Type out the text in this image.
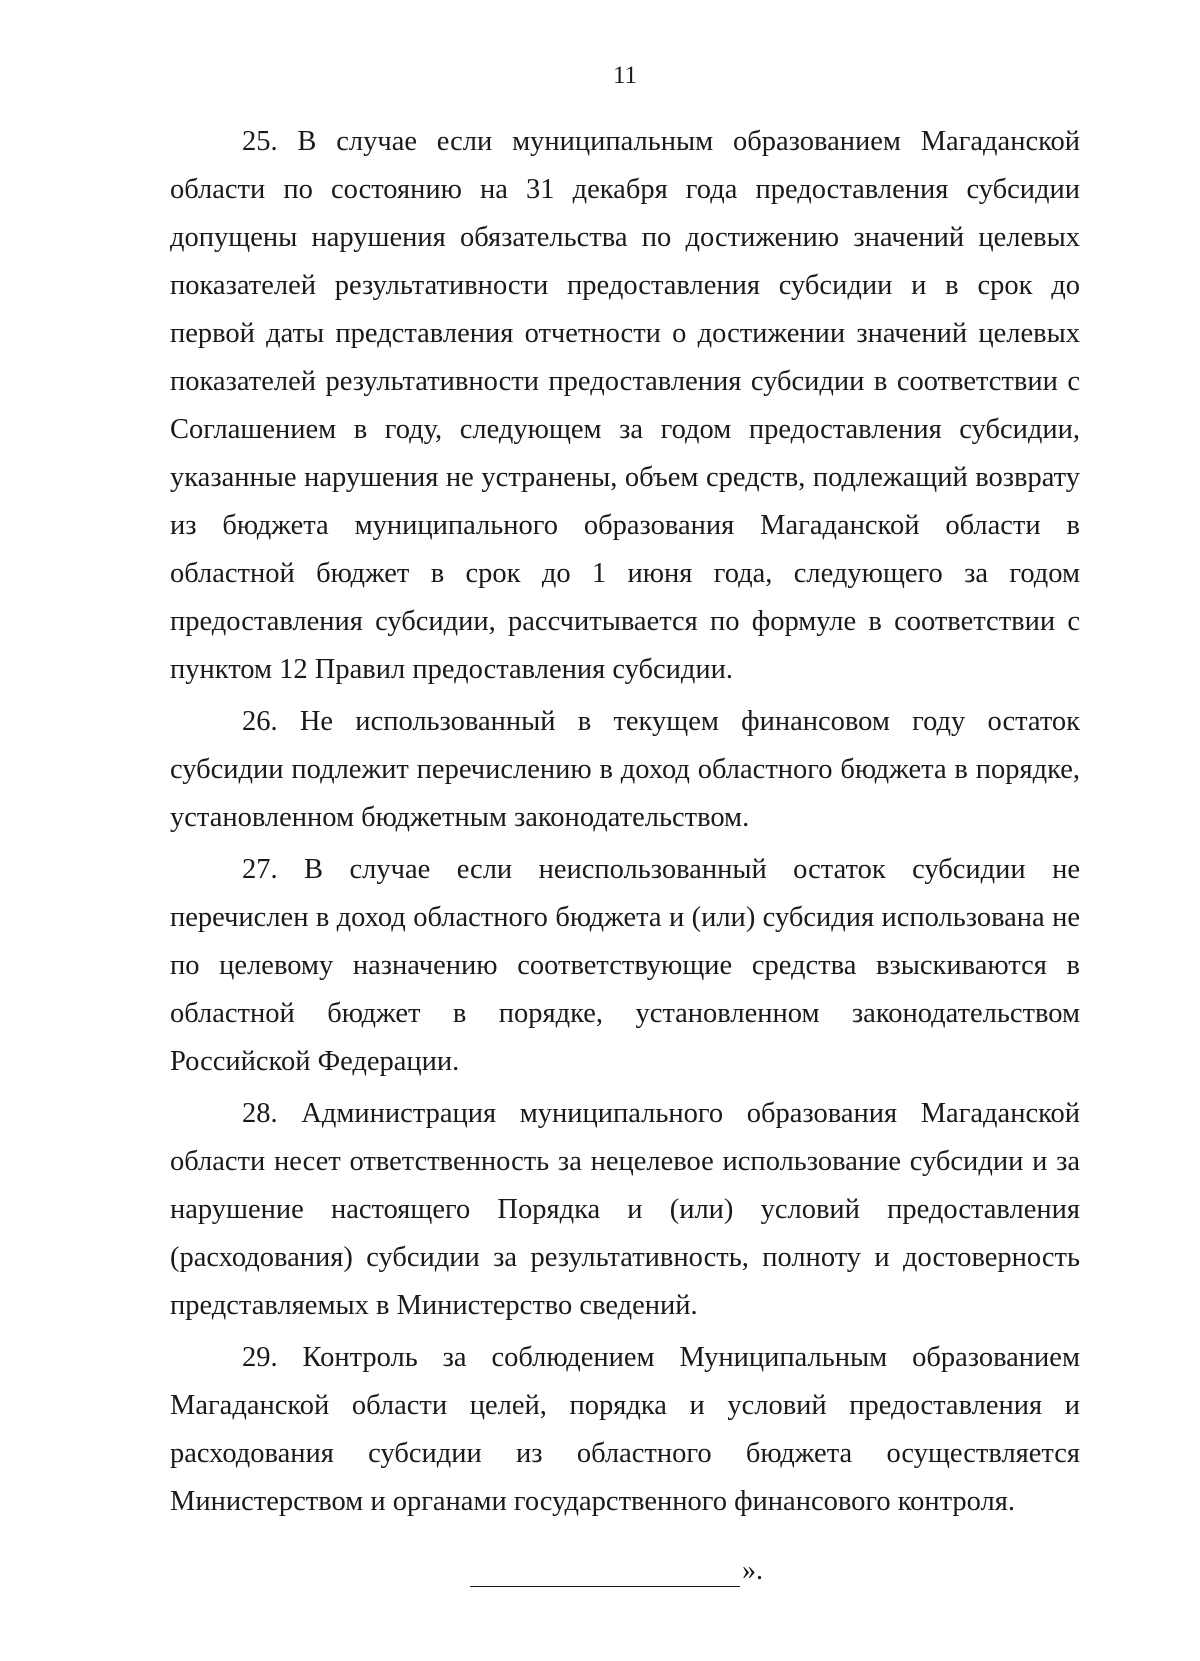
11

25. В случае если муниципальным образованием Магаданской области по состоянию на 31 декабря года предоставления субсидии допущены нарушения обязательства по достижению значений целевых показателей результативности предоставления субсидии и в срок до первой даты представления отчетности о достижении значений целевых показателей результативности предоставления субсидии в соответствии с Соглашением в году, следующем за годом предоставления субсидии, указанные нарушения не устранены, объем средств, подлежащий возврату из бюджета муниципального образования Магаданской области в областной бюджет в срок до 1 июня года, следующего за годом предоставления субсидии, рассчитывается по формуле в соответствии с пунктом 12 Правил предоставления субсидии.

26. Не использованный в текущем финансовом году остаток субсидии подлежит перечислению в доход областного бюджета в порядке, установленном бюджетным законодательством.

27. В случае если неиспользованный остаток субсидии не перечислен в доход областного бюджета и (или) субсидия использована не по целевому назначению соответствующие средства взыскиваются в областной бюджет в порядке, установленном законодательством Российской Федерации.

28. Администрация муниципального образования Магаданской области несет ответственность за нецелевое использование субсидии и за нарушение настоящего Порядка и (или) условий предоставления (расходования) субсидии за результативность, полноту и достоверность представляемых в Министерство сведений.

29. Контроль за соблюдением Муниципальным образованием Магаданской области целей, порядка и условий предоставления и расходования субсидии из областного бюджета осуществляется Министерством и органами государственного финансового контроля.

».
